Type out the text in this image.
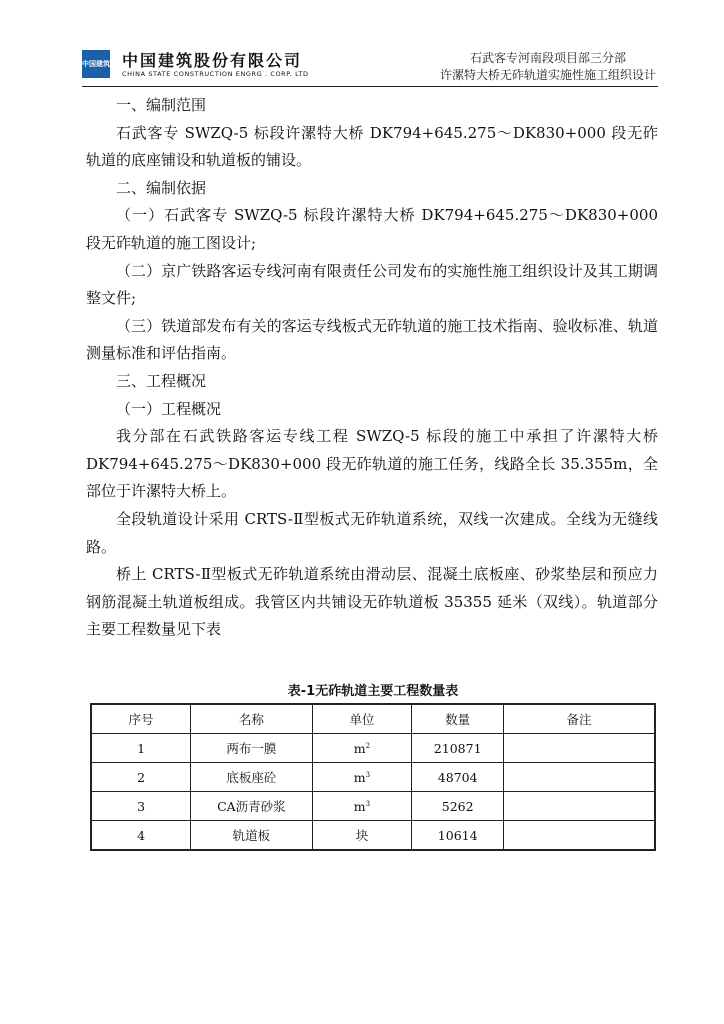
中国建筑 中国建筑股份有限公司
CHINA STATE CONSTRUCTION ENGRG . CORP. LTD
石武客专河南段项目部三分部
许漯特大桥无砟轨道实施性施工组织设计

一、编制范围

石武客专 SWZQ-5 标段许漯特大桥 DK794+645.275～DK830+000 段无砟轨道的底座铺设和轨道板的铺设。

二、编制依据

（一）石武客专 SWZQ-5 标段许漯特大桥 DK794+645.275～DK830+000 段无砟轨道的施工图设计;

（二）京广铁路客运专线河南有限责任公司发布的实施性施工组织设计及其工期调整文件;

（三）铁道部发布有关的客运专线板式无砟轨道的施工技术指南、验收标准、轨道测量标准和评估指南。

三、工程概况

（一）工程概况

我分部在石武铁路客运专线工程 SWZQ-5 标段的施工中承担了许漯特大桥 DK794+645.275～DK830+000 段无砟轨道的施工任务，线路全长 35.355m，全部位于许漯特大桥上。

全段轨道设计采用 CRTS-Ⅱ型板式无砟轨道系统，双线一次建成。全线为无缝线路。

桥上 CRTS-Ⅱ型板式无砟轨道系统由滑动层、混凝土底板座、砂浆垫层和预应力钢筋混凝土轨道板组成。我管区内共铺设无砟轨道板 35355 延米（双线）。轨道部分主要工程数量见下表

表-1无砟轨道主要工程数量表
序号	名称	单位	数量	备注
1	两布一膜	$m^2$	210871	
2	底板座砼	$m^3$	48704	
3	CA沥青砂浆	$m^3$	5262	
4	轨道板	块	10614	
